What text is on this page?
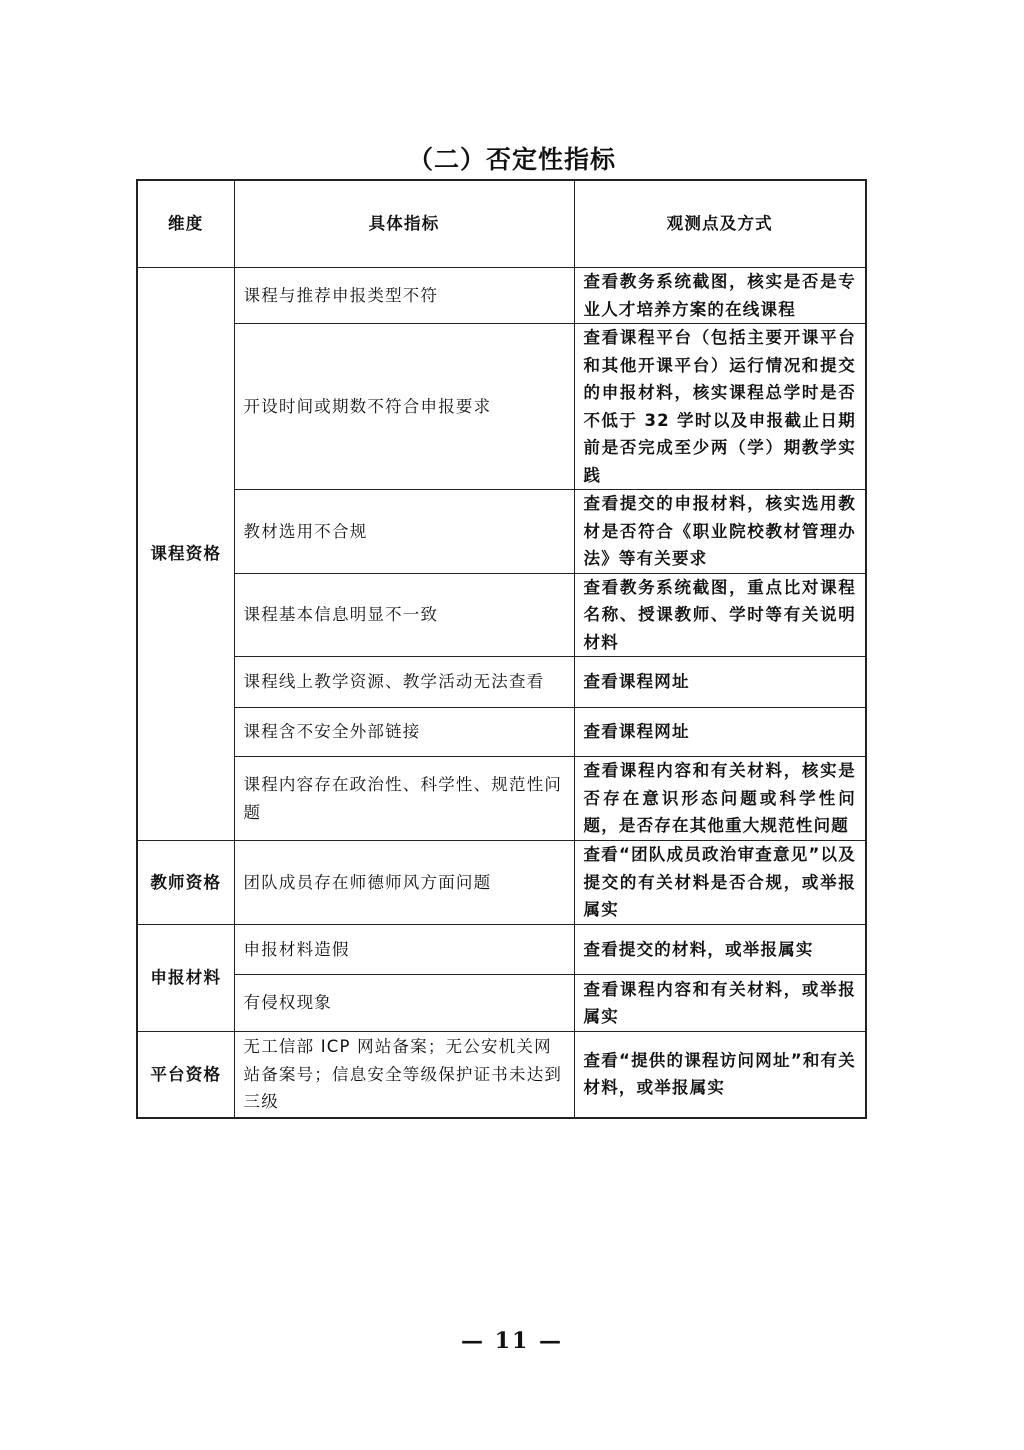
（二）否定性指标
维度	具体指标	观测点及方式
课程资格	课程与推荐申报类型不符	查看教务系统截图，核实是否是专业人才培养方案的在线课程
	开设时间或期数不符合申报要求	查看课程平台（包括主要开课平台和其他开课平台）运行情况和提交的申报材料，核实课程总学时是否不低于 32 学时以及申报截止日期前是否完成至少两（学）期教学实践
	教材选用不合规	查看提交的申报材料，核实选用教材是否符合《职业院校教材管理办法》等有关要求
	课程基本信息明显不一致	查看教务系统截图，重点比对课程名称、授课教师、学时等有关说明材料
	课程线上教学资源、教学活动无法查看	查看课程网址
	课程含不安全外部链接	查看课程网址
	课程内容存在政治性、科学性、规范性问题	查看课程内容和有关材料，核实是否存在意识形态问题或科学性问题，是否存在其他重大规范性问题
教师资格	团队成员存在师德师风方面问题	查看“团队成员政治审查意见”以及提交的有关材料是否合规，或举报属实
申报材料	申报材料造假	查看提交的材料，或举报属实
	有侵权现象	查看课程内容和有关材料，或举报属实
平台资格	无工信部 ICP 网站备案；无公安机关网站备案号；信息安全等级保护证书未达到三级	查看“提供的课程访问网址”和有关材料，或举报属实
— 11 —
